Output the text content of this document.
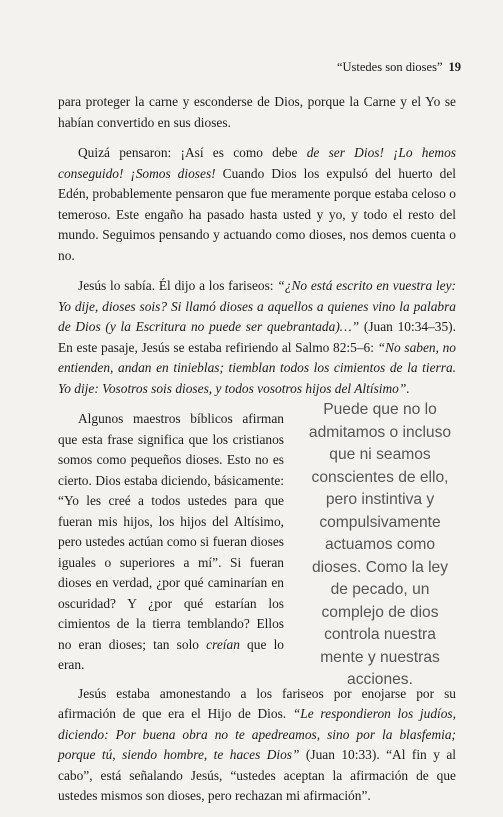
“Ustedes son dioses” 19

para proteger la carne y esconderse de Dios, porque la Carne y el Yo se habían convertido en sus dioses.

Quizá pensaron: ¡Así es como debe de ser Dios! ¡Lo hemos conseguido! ¡Somos dioses! Cuando Dios los expulsó del huerto del Edén, probablemente pensaron que fue meramente porque estaba celoso o temeroso. Este engaño ha pasado hasta usted y yo, y todo el resto del mundo. Seguimos pensando y actuando como dioses, nos demos cuenta o no.

Jesús lo sabía. Él dijo a los fariseos: “¿No está escrito en vuestra ley: Yo dije, dioses sois? Si llamó dioses a aquellos a quienes vino la palabra de Dios (y la Escritura no puede ser quebrantada)…” (Juan 10:34–35). En este pasaje, Jesús se estaba refiriendo al Salmo 82:5–6: “No saben, no entienden, andan en tinieblas; tiemblan todos los cimientos de la tierra. Yo dije: Vosotros sois dioses, y todos vosotros hijos del Altísimo”.

Algunos maestros bíblicos afirman que esta frase significa que los cristianos somos como pequeños dioses. Esto no es cierto. Dios estaba diciendo, básicamente: “Yo les creé a todos ustedes para que fueran mis hijos, los hijos del Altísimo, pero ustedes actúan como si fueran dioses iguales o superiores a mí”. Si fueran dioses en verdad, ¿por qué caminarían en oscuridad? Y ¿por qué estarían los cimientos de la tierra temblando? Ellos no eran dioses; tan solo creían que lo eran.

Jesús estaba amonestando a los fariseos por enojarse por su afirmación de que era el Hijo de Dios. “Le respondieron los judíos, diciendo: Por buena obra no te apedreamos, sino por la blasfemia; porque tú, siendo hombre, te haces Dios” (Juan 10:33). “Al fin y al cabo”, está señalando Jesús, “ustedes aceptan la afirmación de que ustedes mismos son dioses, pero rechazan mi afirmación”.

Puede que no lo admitamos o incluso que ni seamos conscientes de ello, pero instintiva y compulsivamente actuamos como dioses. Como la ley de pecado, un complejo de dios controla nuestra mente y nuestras acciones.
